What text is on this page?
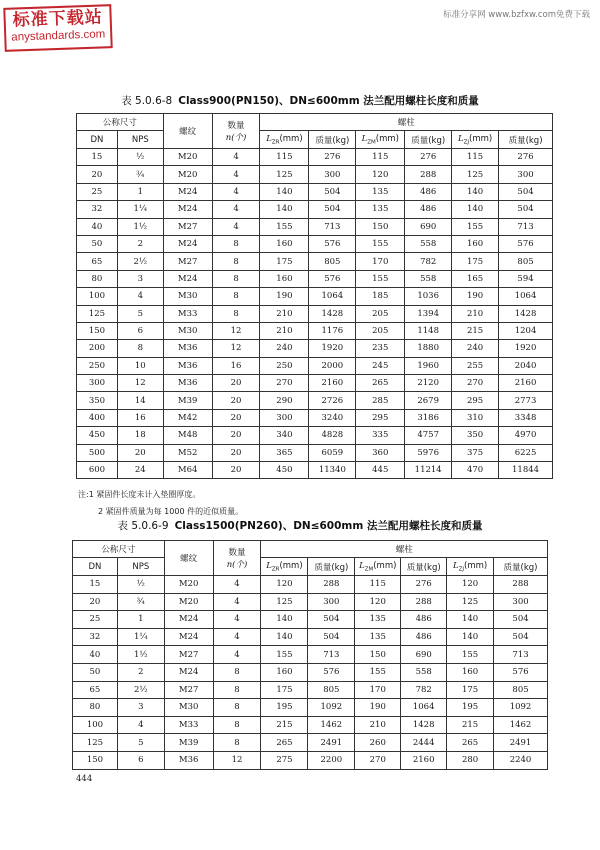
标准下载站
anystandards.com
标准分享网 www.bzfxw.com免费下载
表 5.0.6-8 Class900(PN150)、DN≤600mm 法兰配用螺柱长度和质量
公称尺寸		螺纹	数量
n(个)	螺柱					
DN	NPS			$L_{ZR}(mm)$	质量(kg)	$L_{ZM}(mm)$	质量(kg)	$L_{ZJ}(mm)$	质量(kg)
15	½	M20	4	115	276	115	276	115	276
20	¾	M20	4	125	300	120	288	125	300
25	1	M24	4	140	504	135	486	140	504
32	1¼	M24	4	140	504	135	486	140	504
40	1½	M27	4	155	713	150	690	155	713
50	2	M24	8	160	576	155	558	160	576
65	2½	M27	8	175	805	170	782	175	805
80	3	M24	8	160	576	155	558	165	594
100	4	M30	8	190	1064	185	1036	190	1064
125	5	M33	8	210	1428	205	1394	210	1428
150	6	M30	12	210	1176	205	1148	215	1204
200	8	M36	12	240	1920	235	1880	240	1920
250	10	M36	16	250	2000	245	1960	255	2040
300	12	M36	20	270	2160	265	2120	270	2160
350	14	M39	20	290	2726	285	2679	295	2773
400	16	M42	20	300	3240	295	3186	310	3348
450	18	M48	20	340	4828	335	4757	350	4970
500	20	M52	20	365	6059	360	5976	375	6225
600	24	M64	20	450	11340	445	11214	470	11844
注:1 紧固件长度未计入垫圈厚度。
2 紧固件质量为每 1000 件的近似质量。
表 5.0.6-9 Class1500(PN260)、DN≤600mm 法兰配用螺柱长度和质量
公称尺寸		螺纹	数量
n(个)	螺柱					
DN	NPS			$L_{ZR}(mm)$	质量(kg)	$L_{ZM}(mm)$	质量(kg)	$L_{ZJ}(mm)$	质量(kg)
15	½	M20	4	120	288	115	276	120	288
20	¾	M20	4	125	300	120	288	125	300
25	1	M24	4	140	504	135	486	140	504
32	1¼	M24	4	140	504	135	486	140	504
40	1½	M27	4	155	713	150	690	155	713
50	2	M24	8	160	576	155	558	160	576
65	2½	M27	8	175	805	170	782	175	805
80	3	M30	8	195	1092	190	1064	195	1092
100	4	M33	8	215	1462	210	1428	215	1462
125	5	M39	8	265	2491	260	2444	265	2491
150	6	M36	12	275	2200	270	2160	280	2240
444
